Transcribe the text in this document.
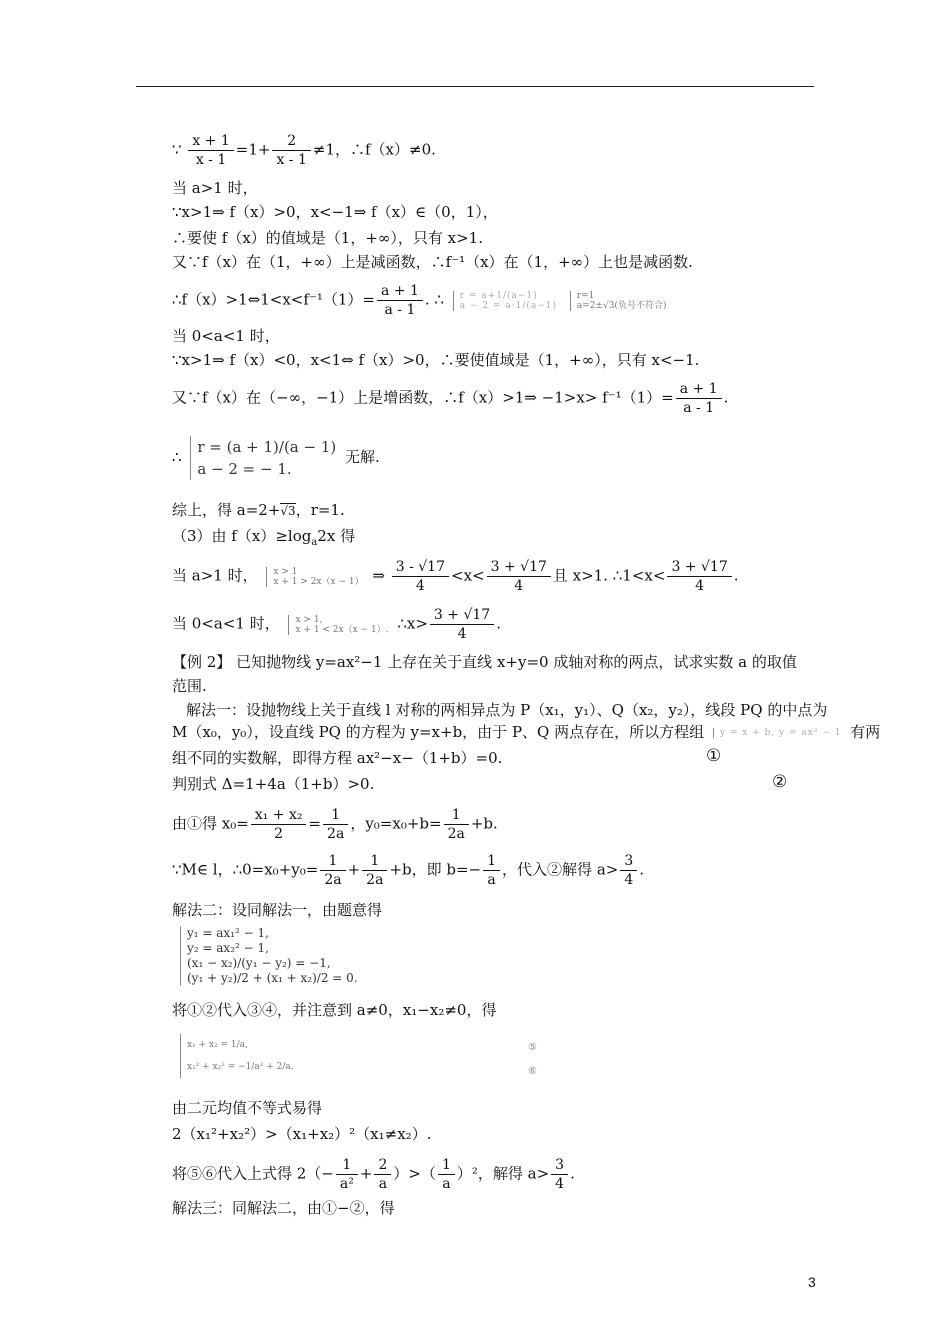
∵ $\frac{x + 1}{x - 1} =1+ \frac{2}{x - 1} \ne 1$，∴f（x）≠0.
当 a>1 时，
∵x>1⇒ f（x）>0，x<−1⇒ f（x）∈（0，1），
∴要使 f（x）的值域是（1，+∞），只有 x>1.
又∵f（x）在（1，+∞）上是减函数，∴f⁻¹（x）在（1，+∞）上也是减函数.
∴f（x）>1⇔1<x<f⁻¹（1）= $\frac{a + 1}{a - 1}$ . ∴ r = a+1/(a−1)
a − 2 = a·1/(a−1) r=1
a=2±√3(负号不符合)
当 0<a<1 时，
∵x>1⇒ f（x）<0，x<1⇔ f（x）>0，∴要使值域是（1，+∞），只有 x<−1.
又∵f（x）在（−∞，−1）上是增函数，∴f（x）>1⇒ $-1>x> f^{-1}(1)= \frac{a + 1}{a - 1}$ .
∴ r = (a + 1)/(a − 1)
a − 2 = − 1. 无解.
综上，得 a=2+√3，r=1.
（3）由 $f(x)\ge\log_a2x$ 得
当 a>1 时， x > 1
x + 1 > 2x（x − 1） ⇒ $\frac{3 - √17}{4} <x< \frac{3 + √17}{4}$ 且 x>1. ∴1<x< $\frac{3 + √17}{4}$ .
当 0<a<1 时， x > 1,
x + 1 < 2x（x − 1）. ∴x> $\frac{3 + √17}{4}$ .
【例 2】 已知抛物线 y=ax²−1 上存在关于直线 x+y=0 成轴对称的两点，试求实数 a 的取值
范围.
解法一：设抛物线上关于直线 l 对称的两相异点为 P（x₁，y₁）、Q（x₂，y₂），线段 PQ 的中点为
M（x₀，y₀），设直线 PQ 的方程为 y=x+b，由于 P、Q 两点存在，所以方程组 y = x + b, y = ax² − 1 有两
组不同的实数解，即得方程 ax²−x−（1+b）=0.	①
判别式 Δ=1+4a（1+b）>0.	②
由①得 $x_0= \frac{\text{x₁ + x₂}}{2} = \frac{1}{2a}$ ，$y_0=x_0+b= \frac{1}{2a} +b$.
∵M∈ l，∴0=x₀+y₀= $\frac{1}{2a} + \frac{1}{2a} +b$，即 $b=- \frac{1}{a}$ ，代入②解得 $a> \frac{3}{4}$ .
解法二：设同解法一，由题意得
y₁ = ax₁² − 1,
y₂ = ax₂² − 1,
(x₁ − x₂)/(y₁ − y₂) = −1,
(y₁ + y₂)/2 + (x₁ + x₂)/2 = 0.
将①②代入③④，并注意到 a≠0，x₁−x₂≠0，得
x₁ + x₂ = 1/a,
x₁² + x₂² = −1/a² + 2/a.
⑤
⑥
由二元均值不等式易得
2（x₁²+x₂²）>（x₁+x₂）²（x₁≠x₂）.
将⑤⑥代入上式得 $2(- \frac{1}{\text{a²}} + \frac{2}{a}$ ）>（ $\frac{1}{a} )^2$，解得 $a> \frac{3}{4}$ .
解法三：同解法二，由①−②，得
3
